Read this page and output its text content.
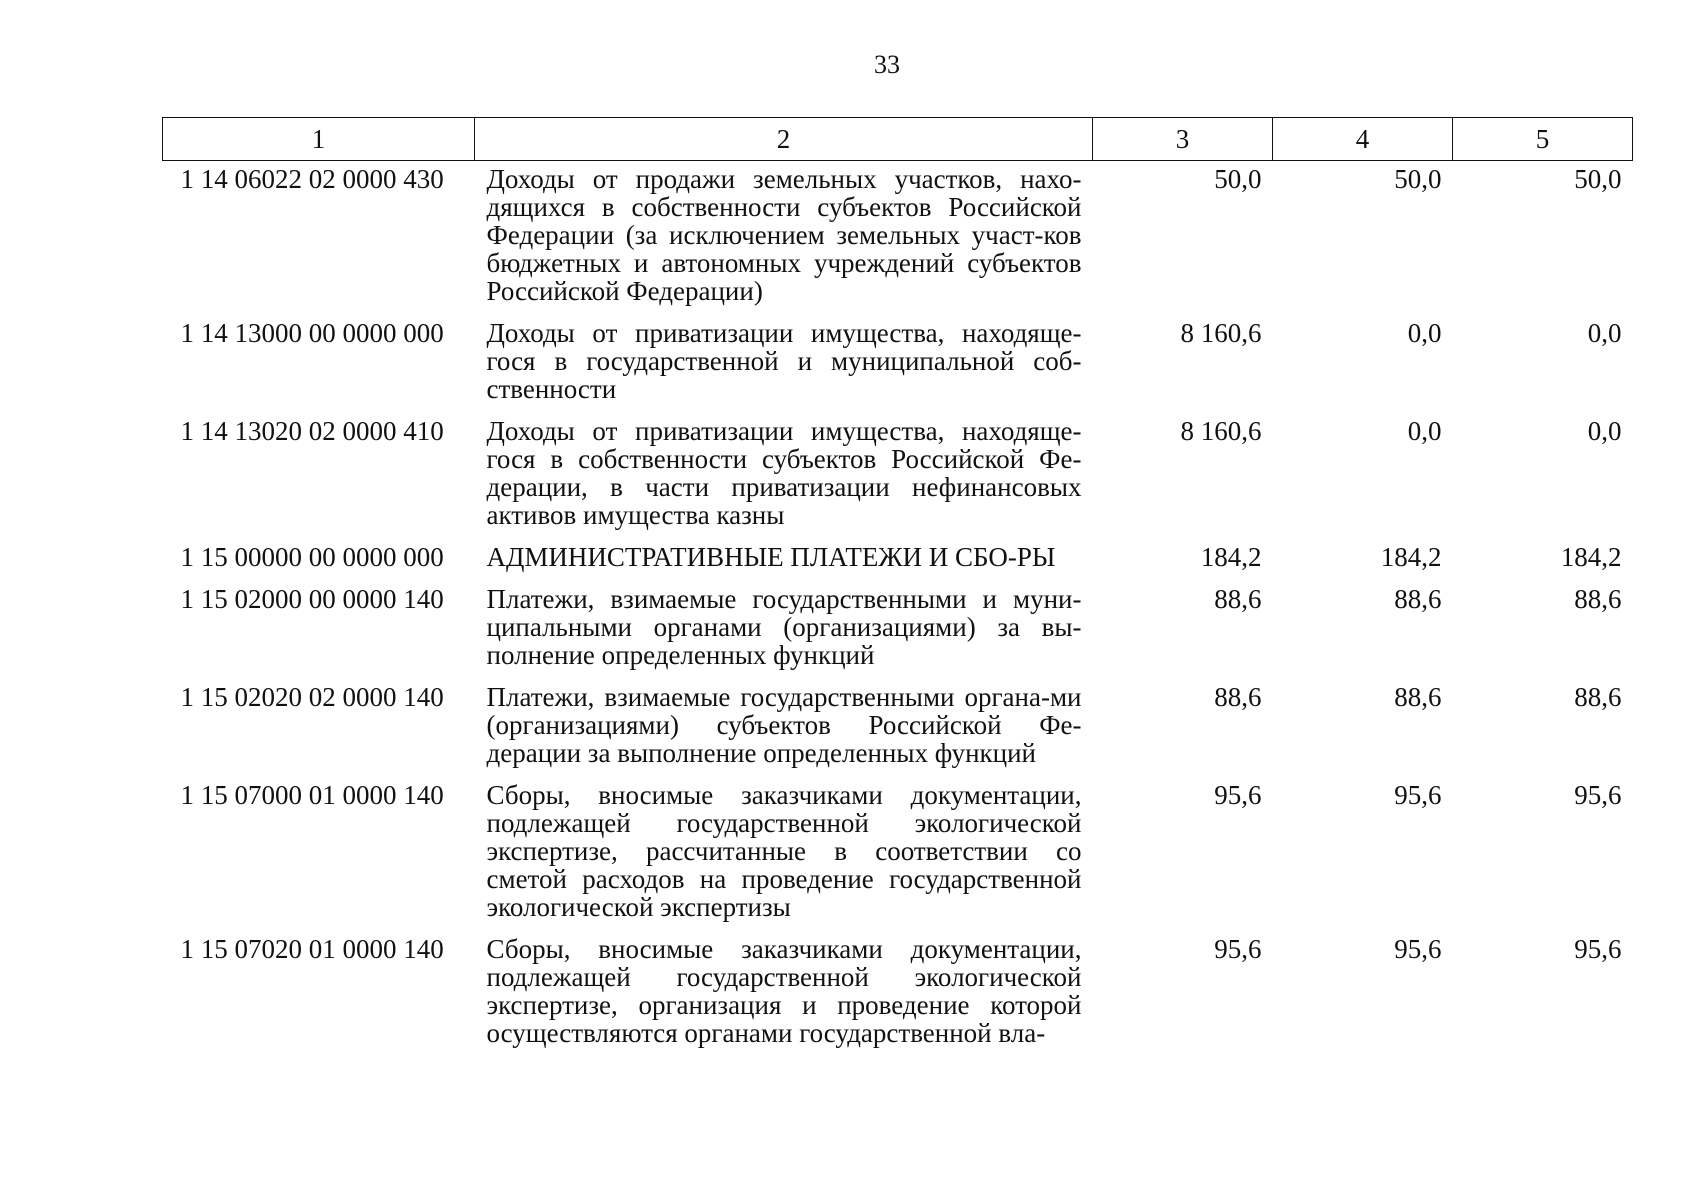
33
1	2	3	4	5
1 14 06022 02 0000 430	Доходы от продажи земельных участков, нахо-дящихся в собственности субъектов Российской Федерации (за исключением земельных участ-ков бюджетных и автономных учреждений субъектов Российской Федерации)	50,0	50,0	50,0
1 14 13000 00 0000 000	Доходы от приватизации имущества, находяще-гося в государственной и муниципальной соб-ственности	8 160,6	0,0	0,0
1 14 13020 02 0000 410	Доходы от приватизации имущества, находяще-гося в собственности субъектов Российской Фе-дерации, в части приватизации нефинансовых активов имущества казны	8 160,6	0,0	0,0
1 15 00000 00 0000 000	АДМИНИСТРАТИВНЫЕ ПЛАТЕЖИ И СБО-РЫ	184,2	184,2	184,2
1 15 02000 00 0000 140	Платежи, взимаемые государственными и муни-ципальными органами (организациями) за вы-полнение определенных функций	88,6	88,6	88,6
1 15 02020 02 0000 140	Платежи, взимаемые государственными органа-ми (организациями) субъектов Российской Фе-дерации за выполнение определенных функций	88,6	88,6	88,6
1 15 07000 01 0000 140	Сборы, вносимые заказчиками документации, подлежащей государственной экологической экспертизе, рассчитанные в соответствии со сметой расходов на проведение государственной экологической экспертизы	95,6	95,6	95,6
1 15 07020 01 0000 140	Сборы, вносимые заказчиками документации, подлежащей государственной экологической экспертизе, организация и проведение которой осуществляются органами государственной вла-	95,6	95,6	95,6
